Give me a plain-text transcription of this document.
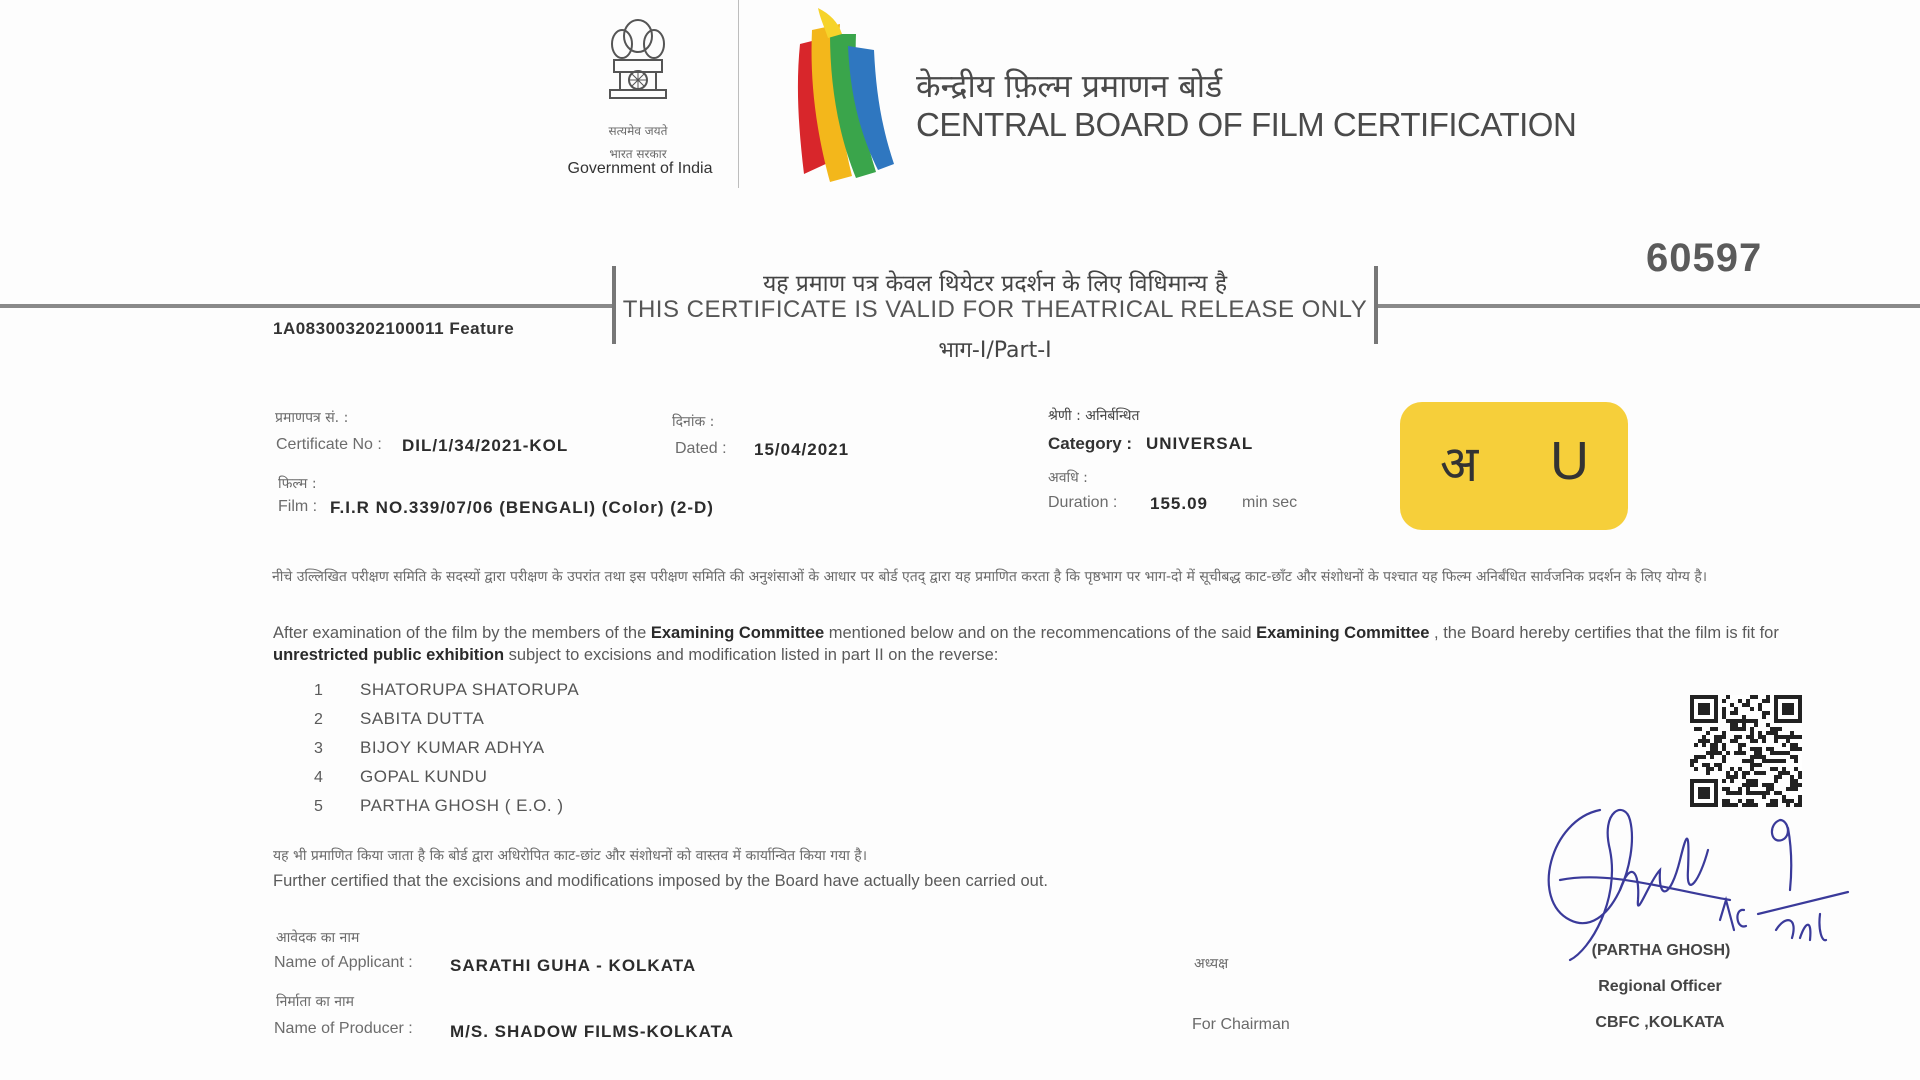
सत्यमेव जयते
भारत सरकार
Government of India
केन्द्रीय फ़िल्म प्रमाणन बोर्ड
CENTRAL BOARD OF FILM CERTIFICATION
60597
यह प्रमाण पत्र केवल थियेटर प्रदर्शन के लिए विधिमान्य है
THIS CERTIFICATE IS VALID FOR THEATRICAL RELEASE ONLY
भाग-I/Part-I
1A083003202100011 Feature
प्रमाणपत्र सं. :
Certificate No : DIL/1/34/2021-KOL
दिनांक :
Dated : 15/04/2021
फिल्म :
Film : F.I.R NO.339/07/06 (BENGALI) (Color) (2-D)
श्रेणी : अनिर्बन्धित
Category : UNIVERSAL
अवधि :
Duration : 155.09 min sec
अ U
नीचे उल्लिखित परीक्षण समिति के सदस्यों द्वारा परीक्षण के उपरांत तथा इस परीक्षण समिति की अनुशंसाओं के आधार पर बोर्ड एतद् द्वारा यह प्रमाणित करता है कि पृष्ठभाग पर भाग-दो में सूचीबद्ध काट-छाँट और संशोधनों के पश्चात यह फिल्म अनिर्बंधित सार्वजनिक प्रदर्शन के लिए योग्य है।
After examination of the film by the members of the Examining Committee mentioned below and on the recommencations of the said Examining Committee , the Board hereby certifies that the film is fit for unrestricted public exhibition subject to excisions and modification listed in part II on the reverse:
1 SHATORUPA SHATORUPA
2 SABITA DUTTA
3 BIJOY KUMAR ADHYA
4 GOPAL KUNDU
5 PARTHA GHOSH ( E.O. )
यह भी प्रमाणित किया जाता है कि बोर्ड द्वारा अधिरोपित काट-छांट और संशोधनों को वास्तव में कार्यान्वित किया गया है।
Further certified that the excisions and modifications imposed by the Board have actually been carried out.
आवेदक का नाम
Name of Applicant : SARATHI GUHA - KOLKATA
निर्माता का नाम
Name of Producer : M/S. SHADOW FILMS-KOLKATA
अध्यक्ष
For Chairman
(PARTHA GHOSH)
Regional Officer
CBFC ,KOLKATA
